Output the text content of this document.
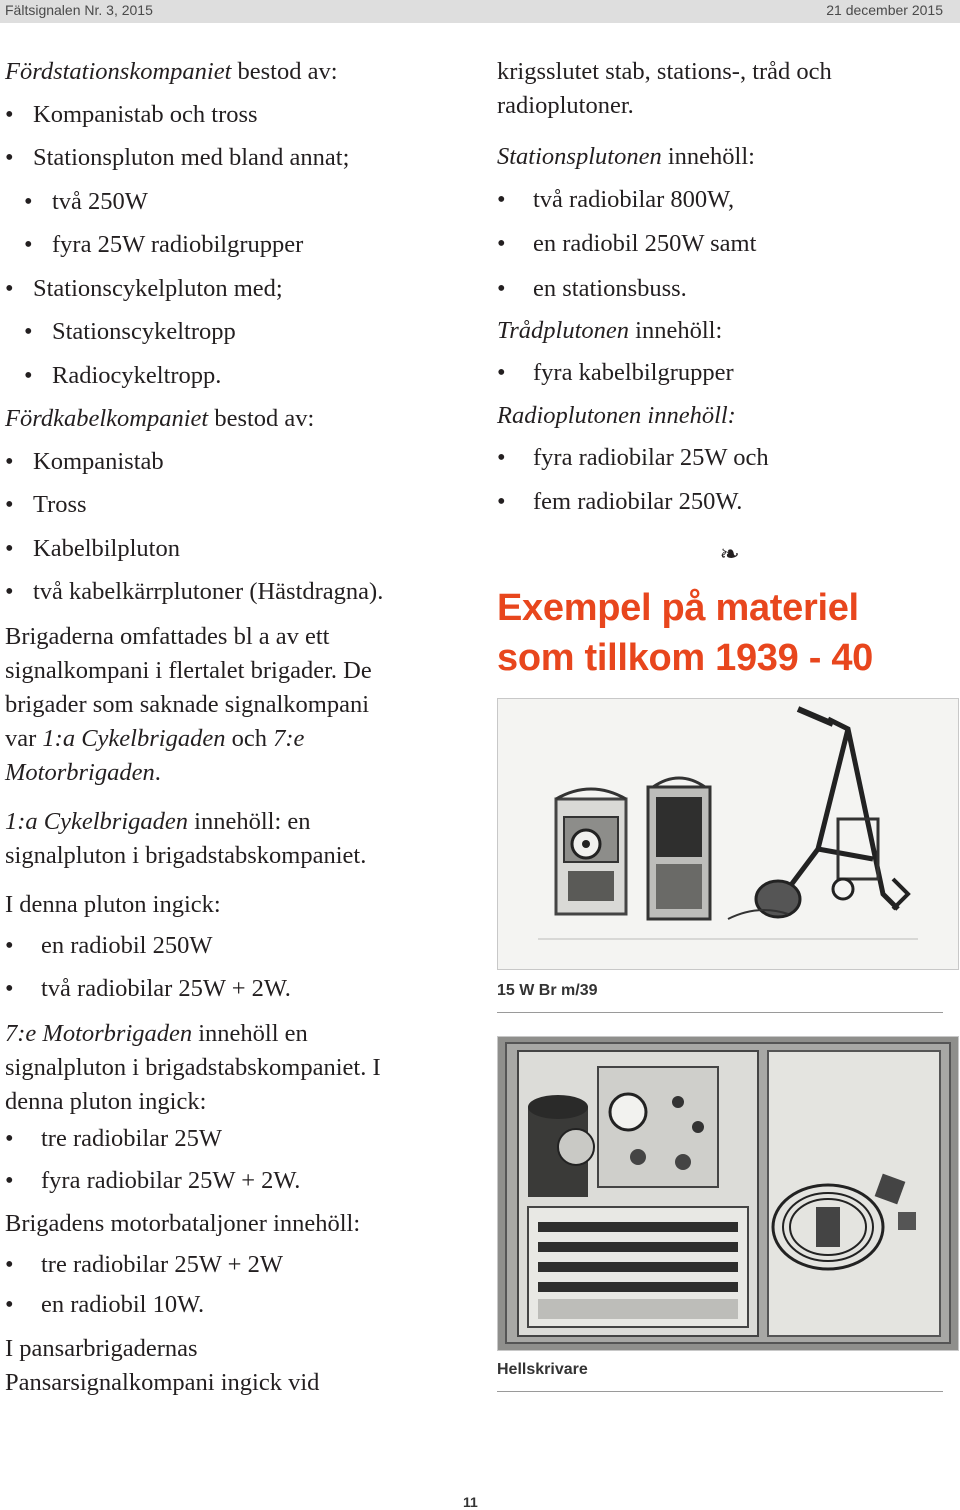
Fältsignalen Nr. 3, 2015	21 december 2015
Fördstationskompaniet bestod av:
• Kompanistab och tross
• Stationspluton med bland annat;
• två 250W
• fyra 25W radiobilgrupper
• Stationscykelpluton med;
• Stationscykeltropp
• Radiocykeltropp.
Fördkabelkompaniet bestod av:
• Kompanistab
• Tross
• Kabelbilpluton
• två kabelkärrplutoner (Hästdragna).
Brigaderna omfattades bl a av ett
signalkompani i flertalet brigader. De
brigader som saknade signalkompani
var 1:a Cykelbrigaden och 7:e
Motorbrigaden.
1:a Cykelbrigaden innehöll: en
signalpluton i brigadstabskompaniet.
I denna pluton ingick:
• en radiobil 250W
• två radiobilar 25W + 2W.
7:e Motorbrigaden innehöll en
signalpluton i brigadstabskompaniet. I
denna pluton ingick:
• tre radiobilar 25W
• fyra radiobilar 25W + 2W.
Brigadens motorbataljoner innehöll:
• tre radiobilar 25W + 2W
• en radiobil 10W.
I pansarbrigadernas
Pansarsignalkompani ingick vid
krigsslutet stab, stations-, tråd och
radioplutoner.
Stationsplutonen innehöll:
• två radiobilar 800W,
• en radiobil 250W samt
• en stationsbuss.
Trådplutonen innehöll:
• fyra kabelbilgrupper
Radioplutonen innehöll:
• fyra radiobilar 25W och
• fem radiobilar 250W.
❧
Exempel på materiel
som tillkom 1939 - 40
15 W Br m/39
Hellskrivare
11
